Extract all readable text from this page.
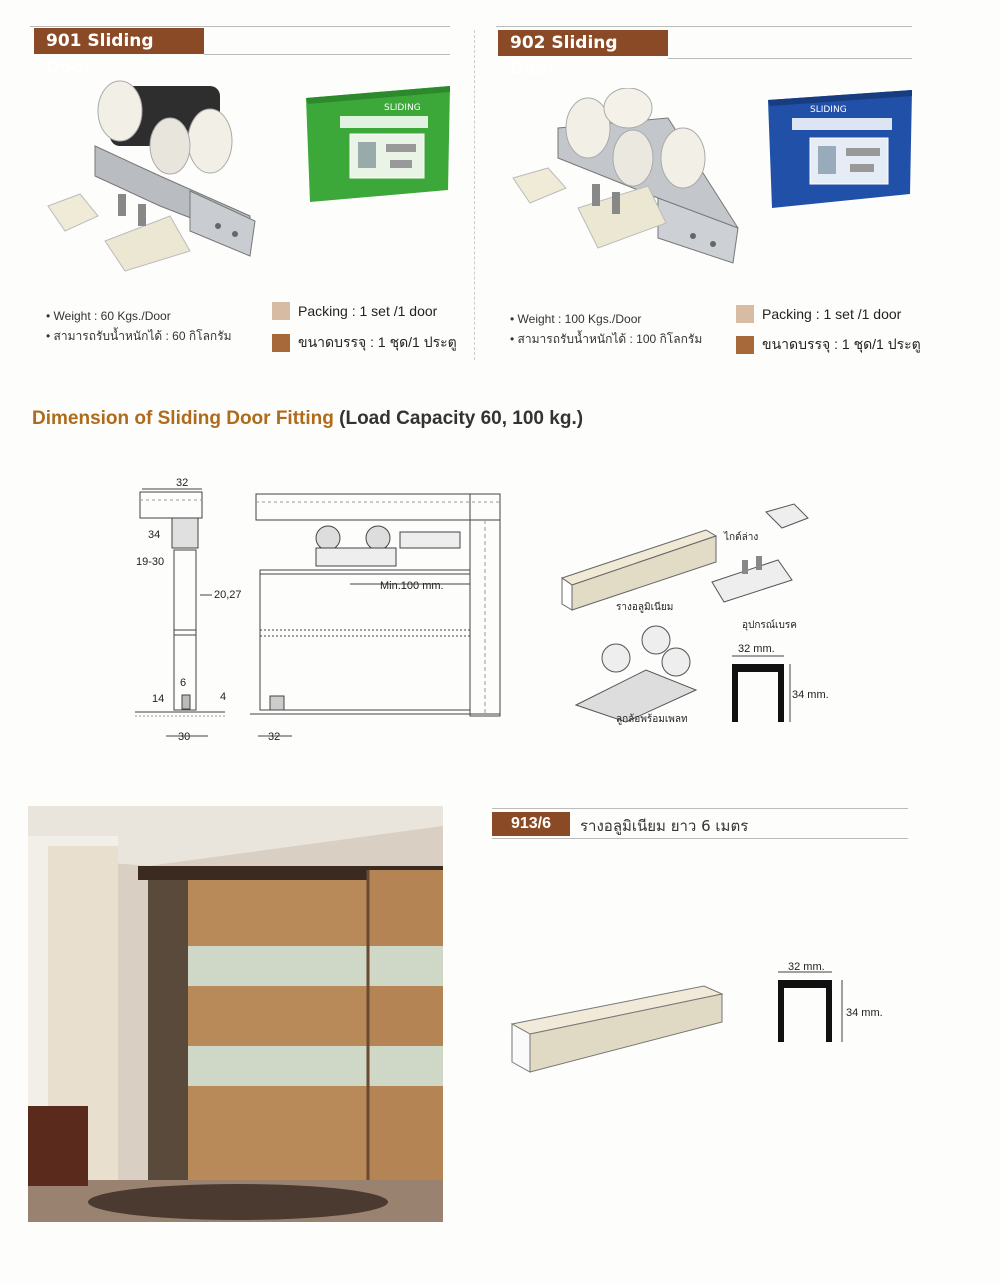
901 Sliding Door
SLIDING
• Weight : 60 Kgs./Door
• สามารถรับน้ำหนักได้ : 60 กิโลกรัม
Packing : 1 set /1 door
ขนาดบรรจุ : 1 ชุด/1 ประตู
902 Sliding Door
SLIDING
• Weight : 100 Kgs./Door
• สามารถรับน้ำหนักได้ : 100 กิโลกรัม
Packing : 1 set /1 door
ขนาดบรรจุ : 1 ชุด/1 ประตู
Dimension of Sliding Door Fitting (Load Capacity 60, 100 kg.)
32
34
19-30
20,27
6
14	4
30
Min.100 mm.
32
รางอลูมิเนียม
ไกด์ล่าง
อุปกรณ์เบรค
ลูกล้อพร้อมเพลท
32 mm.
34 mm.
913/6	รางอลูมิเนียม ยาว 6 เมตร
32 mm.
34 mm.
